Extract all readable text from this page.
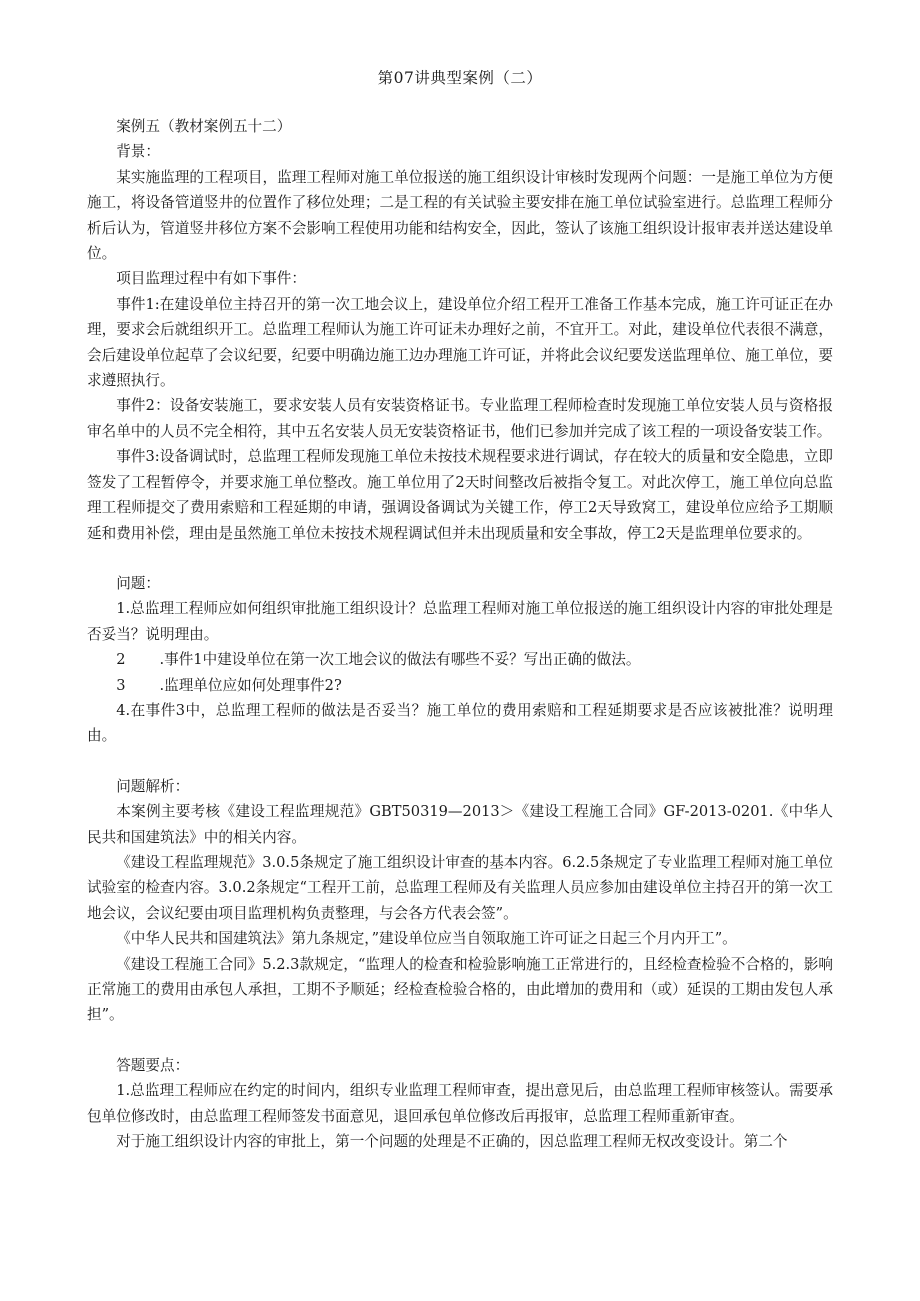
第07讲典型案例（二）

案例五（教材案例五十二）

背景：

某实施监理的工程项目，监理工程师对施工单位报送的施工组织设计审核时发现两个问题：一是施工单位为方便施工，将设备管道竖井的位置作了移位处理；二是工程的有关试验主要安排在施工单位试验室进行。总监理工程师分析后认为，管道竖井移位方案不会影响工程使用功能和结构安全，因此，签认了该施工组织设计报审表并送达建设单位。

项目监理过程中有如下事件：

事件1:在建设单位主持召开的第一次工地会议上，建设单位介绍工程开工准备工作基本完成，施工许可证正在办理，要求会后就组织开工。总监理工程师认为施工许可证未办理好之前，不宜开工。对此，建设单位代表很不满意，会后建设单位起草了会议纪要，纪要中明确边施工边办理施工许可证，并将此会议纪要发送监理单位、施工单位，要求遵照执行。

事件2：设备安装施工，要求安装人员有安装资格证书。专业监理工程师检查时发现施工单位安装人员与资格报审名单中的人员不完全相符，其中五名安装人员无安装资格证书，他们已参加并完成了该工程的一项设备安装工作。

事件3:设备调试时，总监理工程师发现施工单位未按技术规程要求进行调试，存在较大的质量和安全隐患，立即签发了工程暂停令，并要求施工单位整改。施工单位用了2天时间整改后被指令复工。对此次停工，施工单位向总监理工程师提交了费用索赔和工程延期的申请，强调设备调试为关键工作，停工2天导致窝工，建设单位应给予工期顺延和费用补偿，理由是虽然施工单位未按技术规程调试但并未出现质量和安全事故，停工2天是监理单位要求的。

问题：

1.总监理工程师应如何组织审批施工组织设计？总监理工程师对施工单位报送的施工组织设计内容的审批处理是否妥当？说明理由。

2 .事件1中建设单位在第一次工地会议的做法有哪些不妥？写出正确的做法。

3 .监理单位应如何处理事件2?

4.在事件3中，总监理工程师的做法是否妥当？施工单位的费用索赔和工程延期要求是否应该被批准？说明理由。

问题解析：

本案例主要考核《建设工程监理规范》GBT50319—2013＞《建设工程施工合同》GF-2013-0201.《中华人民共和国建筑法》中的相关内容。

《建设工程监理规范》3.0.5条规定了施工组织设计审查的基本内容。6.2.5条规定了专业监理工程师对施工单位试验室的检查内容。3.0.2条规定“工程开工前，总监理工程师及有关监理人员应参加由建设单位主持召开的第一次工地会议，会议纪要由项目监理机构负责整理，与会各方代表会签”。

《中华人民共和国建筑法》第九条规定，”建设单位应当自领取施工许可证之日起三个月内开工”。

《建设工程施工合同》5.2.3款规定，“监理人的检查和检验影响施工正常进行的，且经检查检验不合格的，影响正常施工的费用由承包人承担，工期不予顺延；经检查检验合格的，由此增加的费用和（或）延误的工期由发包人承担”。

答题要点：

1.总监理工程师应在约定的时间内，组织专业监理工程师审查，提出意见后，由总监理工程师审核签认。需要承包单位修改时，由总监理工程师签发书面意见，退回承包单位修改后再报审，总监理工程师重新审查。

对于施工组织设计内容的审批上，第一个问题的处理是不正确的，因总监理工程师无权改变设计。第二个
